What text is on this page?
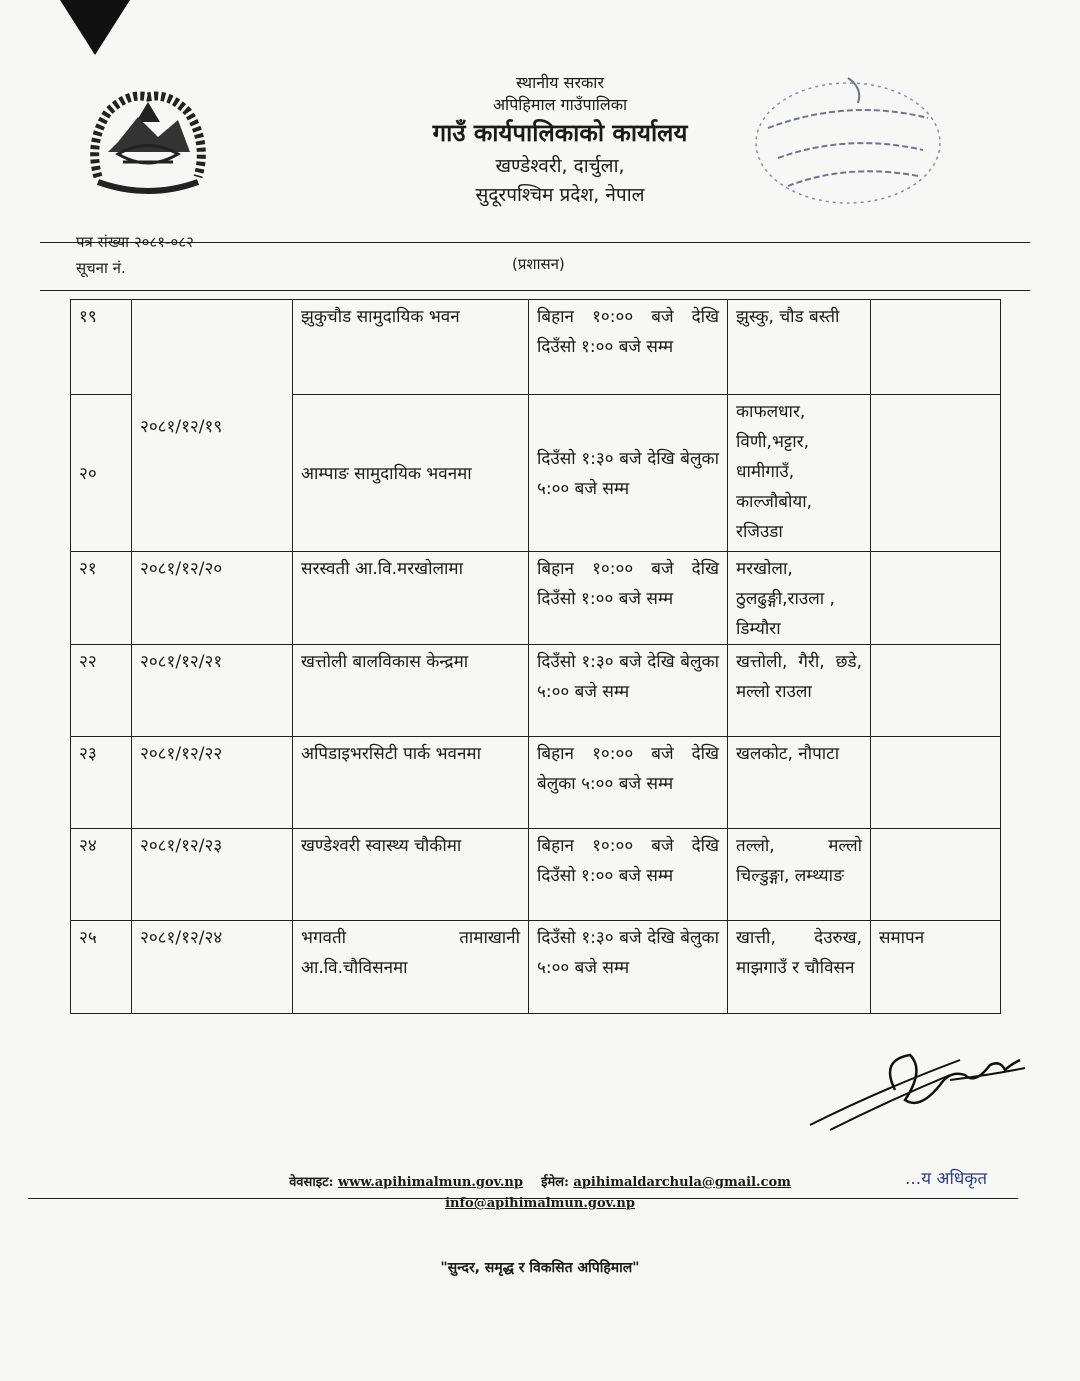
स्थानीय सरकार
अपिहिमाल गाउँपालिका
गाउँ कार्यपालिकाको कार्यालय
खण्डेश्वरी, दार्चुला,
सुदूरपश्चिम प्रदेश, नेपाल
पत्र संख्या २०८१-०८२
(प्रशासन)
सूचना नं.
१९	२०८१/१२/१९	झुकुचौड सामुदायिक भवन	बिहान १०:०० बजे देखि दिउँसो १:०० बजे सम्म	झुस्कु, चौड बस्ती	
२०		आम्पाङ सामुदायिक भवनमा	दिउँसो १:३० बजे देखि बेलुका ५:०० बजे सम्म	काफलधार, विणी,भट्टार, धामीगाउँ, काल्जौबोया, रजिउडा	
२१	२०८१/१२/२०	सरस्वती आ.वि.मरखोलामा	बिहान १०:०० बजे देखि दिउँसो १:०० बजे सम्म	मरखोला, ठुलढुङ्गी,राउला , डिम्यौरा	
२२	२०८१/१२/२१	खत्तोली बालविकास केन्द्रमा	दिउँसो १:३० बजे देखि बेलुका ५:०० बजे सम्म	खत्तोली, गैरी, छडे, मल्लो राउला	
२३	२०८१/१२/२२	अपिडाइभरसिटी पार्क भवनमा	बिहान १०:०० बजे देखि बेलुका ५:०० बजे सम्म	खलकोट, नौपाटा	
२४	२०८१/१२/२३	खण्डेश्वरी स्वास्थ्य चौकीमा	बिहान १०:०० बजे देखि दिउँसो १:०० बजे सम्म	तल्लो, मल्लो चिल्डुङ्गा, लम्थ्याङ	
२५	२०८१/१२/२४	भगवती तामाखानी आ.वि.चौविसनमा	दिउँसो १:३० बजे देखि बेलुका ५:०० बजे सम्म	खात्ती, देउरुख, माझगाउँ र चौविसन	समापन
...य अधिकृत
वेवसाइट: www.apihimalmun.gov.np ईमेल: apihimaldarchula@gmail.com
info@apihimalmun.gov.np
"सुन्दर, समृद्ध र विकसित अपिहिमाल"
